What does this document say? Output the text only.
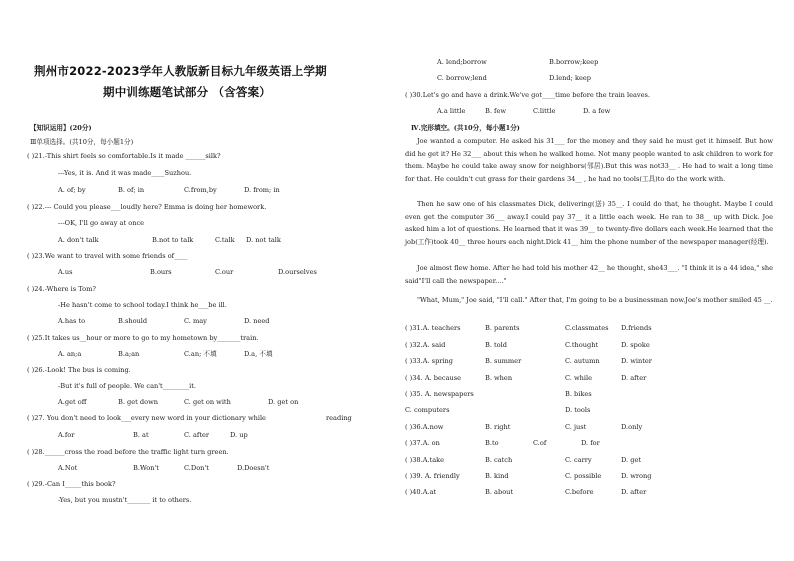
荆州市2022-2023学年人教版新目标九年级英语上学期
期中训练题笔试部分 （含答案）
【知识运用】(20分)
Ⅲ单项选择。(共10分，每小题1分)
( )21.-This shirt feels so comfortable.Is it made ______silk?
---Yes, it is. And it was made____Suzhou.
A. of; by	B. of; in	C.from,by	D. from; in
( )22.--- Could you please___loudly here? Emma is doing her homework.
---OK, I'll go away at once
A. don't talk	B.not to talk	C.talk D. not talk
( )23.We want to travel with some friends of____
A.us	B.ours	C.our	D.ourselves
( )24.-Where is Tom?
-He hasn't come to school today.I think he___be ill.
A.has to	B.should	C. may	D. need
( )25.It takes us__hour or more to go to my hometown by_______train.
A. an;a	B.a;an	C.an; 不填	D.a, 不填
( )26.-Look! The bus is coming.
-But it's full of people. We can't________it.
A.get off	B. get down	C. get on with	D. get on
( )27. You don't need to look___every new word in your dictionary while	reading
A.for	B. at	C. after	D. up
( )28.______cross the road before the traffic light turn green.
A.Not	B.Won't	C.Don't	D.Doesn't
( )29.-Can I_____this book?
-Yes, but you mustn't_______ it to others.
A. lend;borrow	B.borrow;keep
C. borrow;lend	D.lend; keep
( )30.Let's go and have a drink.We've got____time before the train leaves.
A.a little	B. few	C.little	D. a few
Ⅳ.完形填空。(共10分，每小题1分)
Joe wanted a computer. He asked his 31___ for the money and they said he must get it himself. But how did he get it? He 32___ about this when he walked home. Not many people wanted to ask children to work for them. Maybe he could take away snow for neighbors(邻居).But this was not33__ . He had to wait a long time for that. He couldn't cut grass for their gardens 34__ , he had no tools(工具)to do the work with.
Then he saw one of his classmates Dick, delivering(送) 35__. I could do that, he thought. Maybe I could even get the computer 36___ away.I could pay 37__ it a little each week. He ran to 38__ up with Dick. Joe asked him a lot of questions. He learned that it was 39__ to twenty-five dollars each week.He learned that the job(工作)took 40__ three hours each night.Dick 41__ him the phone number of the newspaper manager(经理).
Joe almost flew home. After he had told his mother 42__ he thought, she43___. "I think it is a 44 idea," she said"I'll call the newspaper...."
"What, Mum," Joe said, "I'll call." After that, I'm going to be a businessman now.Joe's mother smiled 45 __.
( )31.A. teachers	B. parents	C.classmates D.friends
( )32.A. said	B. told	C.thought	D. spoke
( )33.A. spring	B. summer	C. autumn	D. winter
( )34. A. because	B. when	C. while	D. after
( )35. A. newspapers	B. bikes
C. computers	D. tools
( )36.A.now	B. right	C. just	D.only
( )37.A. on	B.to	C.of	D. for
( )38.A.take	B. catch	C. carry	D. get
( )39. A. friendly	B. kind	C. possible	D. wrong
( )40.A.at	B. about	C.before	D. after
